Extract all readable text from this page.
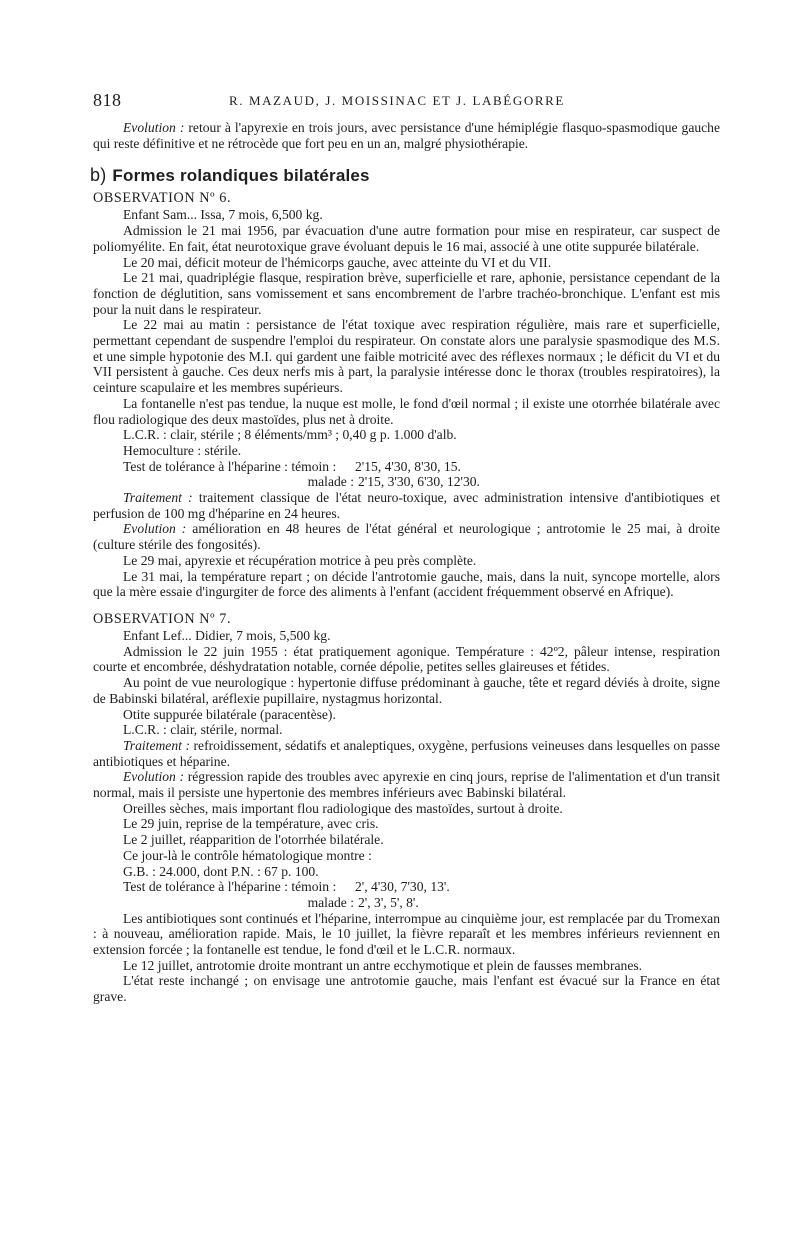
818	R. MAZAUD, J. MOISSINAC ET J. LABÉGORRE

Evolution : retour à l'apyrexie en trois jours, avec persistance d'une hémiplégie flasquo-spasmodique gauche qui reste définitive et ne rétrocède que fort peu en un an, malgré physiothérapie.

b) Formes rolandiques bilatérales

OBSERVATION Nº 6.

Enfant Sam... Issa, 7 mois, 6,500 kg.

Admission le 21 mai 1956, par évacuation d'une autre formation pour mise en respirateur, car suspect de poliomyélite. En fait, état neurotoxique grave évoluant depuis le 16 mai, associé à une otite suppurée bilatérale.

Le 20 mai, déficit moteur de l'hémicorps gauche, avec atteinte du VI et du VII.

Le 21 mai, quadriplégie flasque, respiration brève, superficielle et rare, aphonie, persistance cependant de la fonction de déglutition, sans vomissement et sans encombrement de l'arbre trachéo-bronchique. L'enfant est mis pour la nuit dans le respirateur.

Le 22 mai au matin : persistance de l'état toxique avec respiration régulière, mais rare et superficielle, permettant cependant de suspendre l'emploi du respirateur. On constate alors une paralysie spasmodique des M.S. et une simple hypotonie des M.I. qui gardent une faible motricité avec des réflexes normaux ; le déficit du VI et du VII persistent à gauche. Ces deux nerfs mis à part, la paralysie intéresse donc le thorax (troubles respiratoires), la ceinture scapulaire et les membres supérieurs.

La fontanelle n'est pas tendue, la nuque est molle, le fond d'œil normal ; il existe une otorrhée bilatérale avec flou radiologique des deux mastoïdes, plus net à droite.

L.C.R. : clair, stérile ; 8 éléments/mm³ ; 0,40 g p. 1.000 d'alb.

Hemoculture : stérile.

Test de tolérance à l'héparine : témoin :	2'15, 4'30, 8'30, 15.
malade : 2'15, 3'30, 6'30, 12'30.

Traitement : traitement classique de l'état neuro-toxique, avec administration intensive d'antibiotiques et perfusion de 100 mg d'héparine en 24 heures.

Evolution : amélioration en 48 heures de l'état général et neurologique ; antrotomie le 25 mai, à droite (culture stérile des fongosités).

Le 29 mai, apyrexie et récupération motrice à peu près complète.

Le 31 mai, la température repart ; on décide l'antrotomie gauche, mais, dans la nuit, syncope mortelle, alors que la mère essaie d'ingurgiter de force des aliments à l'enfant (accident fréquemment observé en Afrique).

OBSERVATION Nº 7.

Enfant Lef... Didier, 7 mois, 5,500 kg.

Admission le 22 juin 1955 : état pratiquement agonique. Température : 42º2, pâleur intense, respiration courte et encombrée, déshydratation notable, cornée dépolie, petites selles glaireuses et fétides.

Au point de vue neurologique : hypertonie diffuse prédominant à gauche, tête et regard déviés à droite, signe de Babinski bilatéral, aréflexie pupillaire, nystagmus horizontal.

Otite suppurée bilatérale (paracentèse).

L.C.R. : clair, stérile, normal.

Traitement : refroidissement, sédatifs et analeptiques, oxygène, perfusions veineuses dans lesquelles on passe antibiotiques et héparine.

Evolution : régression rapide des troubles avec apyrexie en cinq jours, reprise de l'alimentation et d'un transit normal, mais il persiste une hypertonie des membres inférieurs avec Babinski bilatéral.

Oreilles sèches, mais important flou radiologique des mastoïdes, surtout à droite.

Le 29 juin, reprise de la température, avec cris.

Le 2 juillet, réapparition de l'otorrhée bilatérale.

Ce jour-là le contrôle hématologique montre :

G.B. : 24.000, dont P.N. : 67 p. 100.

Test de tolérance à l'héparine : témoin :	2', 4'30, 7'30, 13'.
malade : 2', 3', 5', 8'.

Les antibiotiques sont continués et l'héparine, interrompue au cinquième jour, est remplacée par du Tromexan : à nouveau, amélioration rapide. Mais, le 10 juillet, la fièvre reparaît et les membres inférieurs reviennent en extension forcée ; la fontanelle est tendue, le fond d'œil et le L.C.R. normaux.

Le 12 juillet, antrotomie droite montrant un antre ecchymotique et plein de fausses membranes.

L'état reste inchangé ; on envisage une antrotomie gauche, mais l'enfant est évacué sur la France en état grave.
